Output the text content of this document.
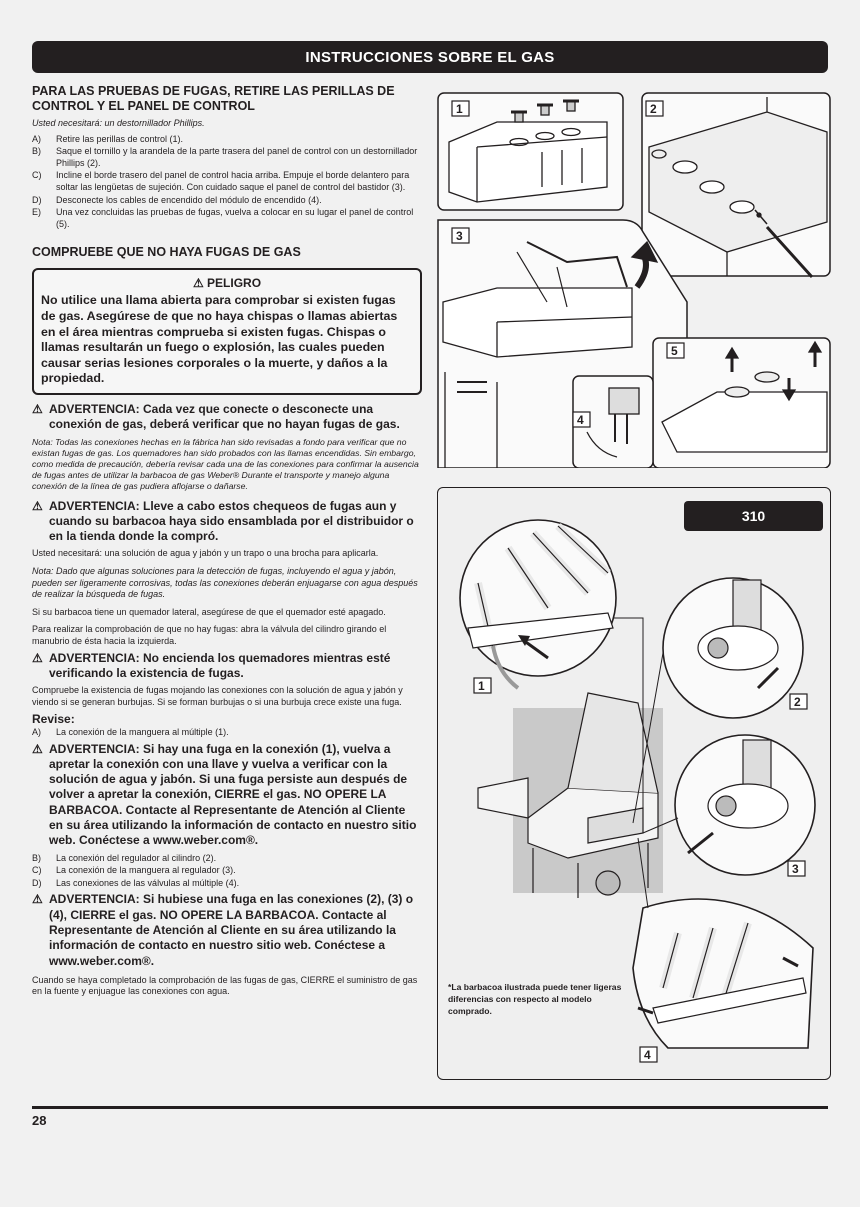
INSTRUCCIONES SOBRE EL GAS
PARA LAS PRUEBAS DE FUGAS, RETIRE LAS PERILLAS DE CONTROL Y EL PANEL DE CONTROL

Usted necesitará: un destornillador Phillips.

A)	Retire las perillas de control (1).
B)	Saque el tornillo y la arandela de la parte trasera del panel de control con un destornillador Phillips (2).
C)	Incline el borde trasero del panel de control hacia arriba. Empuje el borde delantero para soltar las lengüetas de sujeción. Con cuidado saque el panel de control del bastidor (3).
D)	Desconecte los cables de encendido del módulo de encendido (4).
E)	Una vez concluidas las pruebas de fugas, vuelva a colocar en su lugar el panel de control (5).
COMPRUEBE QUE NO HAYA FUGAS DE GAS
⚠ PELIGRO
No utilice una llama abierta para comprobar si existen fugas de gas. Asegúrese de que no haya chispas o llamas abiertas en el área mientras comprueba si existen fugas. Chispas o llamas resultarán un fuego o explosión, las cuales pueden causar serias lesiones corporales o la muerte, y daños a la propiedad.
⚠ ADVERTENCIA: Cada vez que conecte o desconecte una conexión de gas, deberá verificar que no hayan fugas de gas.

Nota: Todas las conexiones hechas en la fábrica han sido revisadas a fondo para verificar que no existan fugas de gas. Los quemadores han sido probados con las llamas encendidas. Sin embargo, como medida de precaución, debería revisar cada una de las conexiones para confirmar la ausencia de fugas antes de utilizar la barbacoa de gas Weber® Durante el transporte y manejo alguna conexión de la línea de gas pudiera aflojarse o dañarse.

⚠ ADVERTENCIA: Lleve a cabo estos chequeos de fugas aun y cuando su barbacoa haya sido ensamblada por el distribuidor o en la tienda donde la compró.

Usted necesitará: una solución de agua y jabón y un trapo o una brocha para aplicarla.

Nota: Dado que algunas soluciones para la detección de fugas, incluyendo el agua y jabón, pueden ser ligeramente corrosivas, todas las conexiones deberán enjuagarse con agua después de realizar la búsqueda de fugas.

Si su barbacoa tiene un quemador lateral, asegúrese de que el quemador esté apagado.

Para realizar la comprobación de que no hay fugas: abra la válvula del cilindro girando el manubrio de ésta hacia la izquierda.

⚠ ADVERTENCIA: No encienda los quemadores mientras esté verificando la existencia de fugas.

Compruebe la existencia de fugas mojando las conexiones con la solución de agua y jabón y viendo si se generan burbujas. Si se forman burbujas o si una burbuja crece existe una fuga.

Revise:
A)	La conexión de la manguera al múltiple (1).
⚠ ADVERTENCIA: Si hay una fuga en la conexión (1), vuelva a apretar la conexión con una llave y vuelva a verificar con la solución de agua y jabón. Si una fuga persiste aun después de volver a apretar la conexión, CIERRE el gas. NO OPERE LA BARBACOA. Contacte al Representante de Atención al Cliente en su área utilizando la información de contacto en nuestro sitio web. Conéctese a www.weber.com®.
B)	La conexión del regulador al cilindro (2).
C)	La conexión de la manguera al regulador (3).
D)	Las conexiones de las válvulas al múltiple (4).
⚠ ADVERTENCIA: Si hubiese una fuga en las conexiones (2), (3) o (4), CIERRE el gas. NO OPERE LA BARBACOA. Contacte al Representante de Atención al Cliente en su área utilizando la información de contacto en nuestro sitio web. Conéctese a www.weber.com®.

Cuando se haya completado la comprobación de las fugas de gas, CIERRE el suministro de gas en la fuente y enjuague las conexiones con agua.

1	2
3
4
5
310
1
2
3
4
*La barbacoa ilustrada puede tener ligeras diferencias con respecto al modelo comprado.
28
